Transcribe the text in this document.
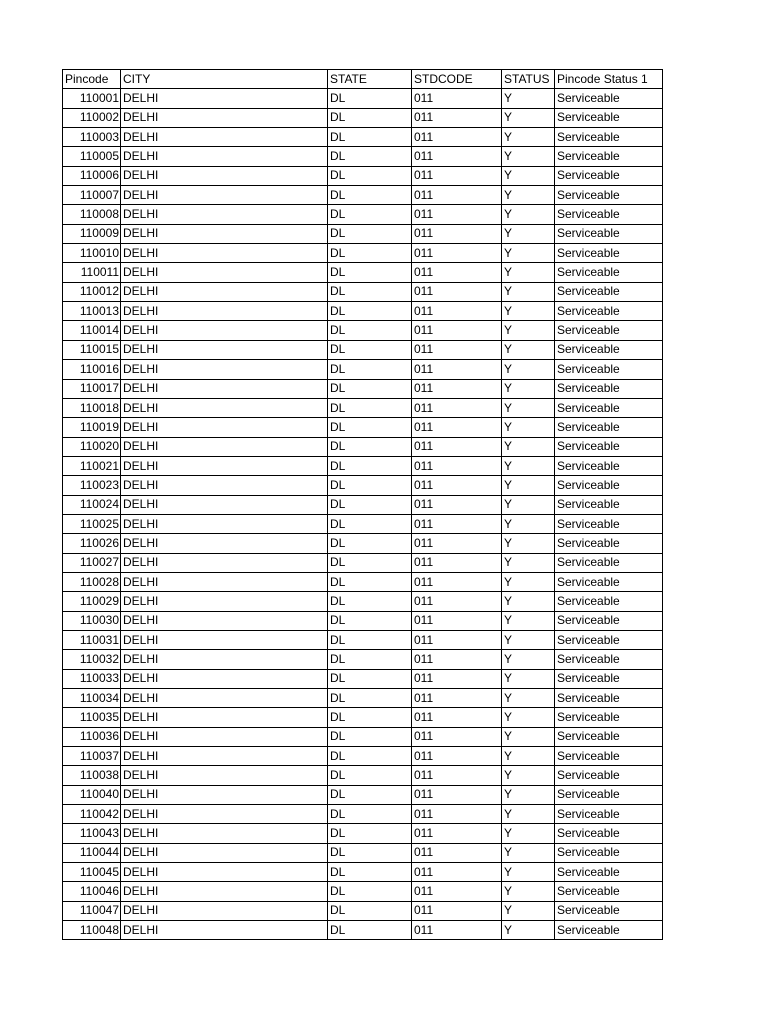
Pincode	CITY	STATE	STDCODE	STATUS	Pincode Status 1
110001	DELHI	DL	011	Y	Serviceable
110002	DELHI	DL	011	Y	Serviceable
110003	DELHI	DL	011	Y	Serviceable
110005	DELHI	DL	011	Y	Serviceable
110006	DELHI	DL	011	Y	Serviceable
110007	DELHI	DL	011	Y	Serviceable
110008	DELHI	DL	011	Y	Serviceable
110009	DELHI	DL	011	Y	Serviceable
110010	DELHI	DL	011	Y	Serviceable
110011	DELHI	DL	011	Y	Serviceable
110012	DELHI	DL	011	Y	Serviceable
110013	DELHI	DL	011	Y	Serviceable
110014	DELHI	DL	011	Y	Serviceable
110015	DELHI	DL	011	Y	Serviceable
110016	DELHI	DL	011	Y	Serviceable
110017	DELHI	DL	011	Y	Serviceable
110018	DELHI	DL	011	Y	Serviceable
110019	DELHI	DL	011	Y	Serviceable
110020	DELHI	DL	011	Y	Serviceable
110021	DELHI	DL	011	Y	Serviceable
110023	DELHI	DL	011	Y	Serviceable
110024	DELHI	DL	011	Y	Serviceable
110025	DELHI	DL	011	Y	Serviceable
110026	DELHI	DL	011	Y	Serviceable
110027	DELHI	DL	011	Y	Serviceable
110028	DELHI	DL	011	Y	Serviceable
110029	DELHI	DL	011	Y	Serviceable
110030	DELHI	DL	011	Y	Serviceable
110031	DELHI	DL	011	Y	Serviceable
110032	DELHI	DL	011	Y	Serviceable
110033	DELHI	DL	011	Y	Serviceable
110034	DELHI	DL	011	Y	Serviceable
110035	DELHI	DL	011	Y	Serviceable
110036	DELHI	DL	011	Y	Serviceable
110037	DELHI	DL	011	Y	Serviceable
110038	DELHI	DL	011	Y	Serviceable
110040	DELHI	DL	011	Y	Serviceable
110042	DELHI	DL	011	Y	Serviceable
110043	DELHI	DL	011	Y	Serviceable
110044	DELHI	DL	011	Y	Serviceable
110045	DELHI	DL	011	Y	Serviceable
110046	DELHI	DL	011	Y	Serviceable
110047	DELHI	DL	011	Y	Serviceable
110048	DELHI	DL	011	Y	Serviceable
